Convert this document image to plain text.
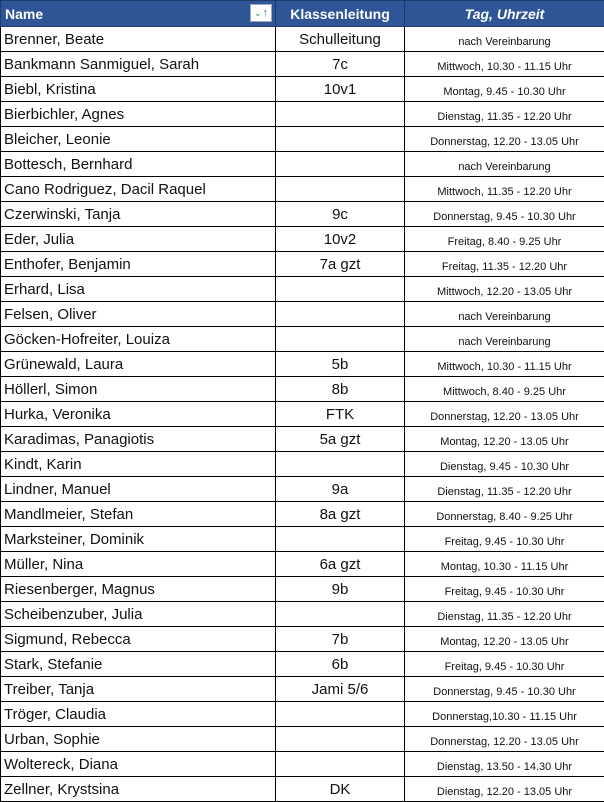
Name ⌄ ↑	Klassenleitung	Tag, Uhrzeit
Brenner, Beate	Schulleitung	nach Vereinbarung
Bankmann Sanmiguel, Sarah	7c	Mittwoch, 10.30 - 11.15 Uhr
Biebl, Kristina	10v1	Montag, 9.45 - 10.30 Uhr
Bierbichler, Agnes		Dienstag, 11.35 - 12.20 Uhr
Bleicher, Leonie		Donnerstag, 12.20 - 13.05 Uhr
Bottesch, Bernhard		nach Vereinbarung
Cano Rodriguez, Dacil Raquel		Mittwoch, 11.35 - 12.20 Uhr
Czerwinski, Tanja	9c	Donnerstag, 9.45 - 10.30 Uhr
Eder, Julia	10v2	Freitag, 8.40 - 9.25 Uhr
Enthofer, Benjamin	7a gzt	Freitag, 11.35 - 12.20 Uhr
Erhard, Lisa		Mittwoch, 12.20 - 13.05 Uhr
Felsen, Oliver		nach Vereinbarung
Göcken-Hofreiter, Louiza		nach Vereinbarung
Grünewald, Laura	5b	Mittwoch, 10.30 - 11.15 Uhr
Höllerl, Simon	8b	Mittwoch, 8.40 - 9.25 Uhr
Hurka, Veronika	FTK	Donnerstag, 12.20 - 13.05 Uhr
Karadimas, Panagiotis	5a gzt	Montag, 12.20 - 13.05 Uhr
Kindt, Karin		Dienstag, 9.45 - 10.30 Uhr
Lindner, Manuel	9a	Dienstag, 11.35 - 12.20 Uhr
Mandlmeier, Stefan	8a gzt	Donnerstag, 8.40 - 9.25 Uhr
Marksteiner, Dominik		Freitag, 9.45 - 10.30 Uhr
Müller, Nina	6a gzt	Montag, 10.30 - 11.15 Uhr
Riesenberger, Magnus	9b	Freitag, 9.45 - 10.30 Uhr
Scheibenzuber, Julia		Dienstag, 11.35 - 12.20 Uhr
Sigmund, Rebecca	7b	Montag, 12.20 - 13.05 Uhr
Stark, Stefanie	6b	Freitag, 9.45 - 10.30 Uhr
Treiber, Tanja	Jami 5/6	Donnerstag, 9.45 - 10.30 Uhr
Tröger, Claudia		Donnerstag,10.30 - 11.15 Uhr
Urban, Sophie		Donnerstag, 12.20 - 13.05 Uhr
Woltereck, Diana		Dienstag, 13.50 - 14.30 Uhr
Zellner, Krystsina	DK	Dienstag, 12.20 - 13.05 Uhr
